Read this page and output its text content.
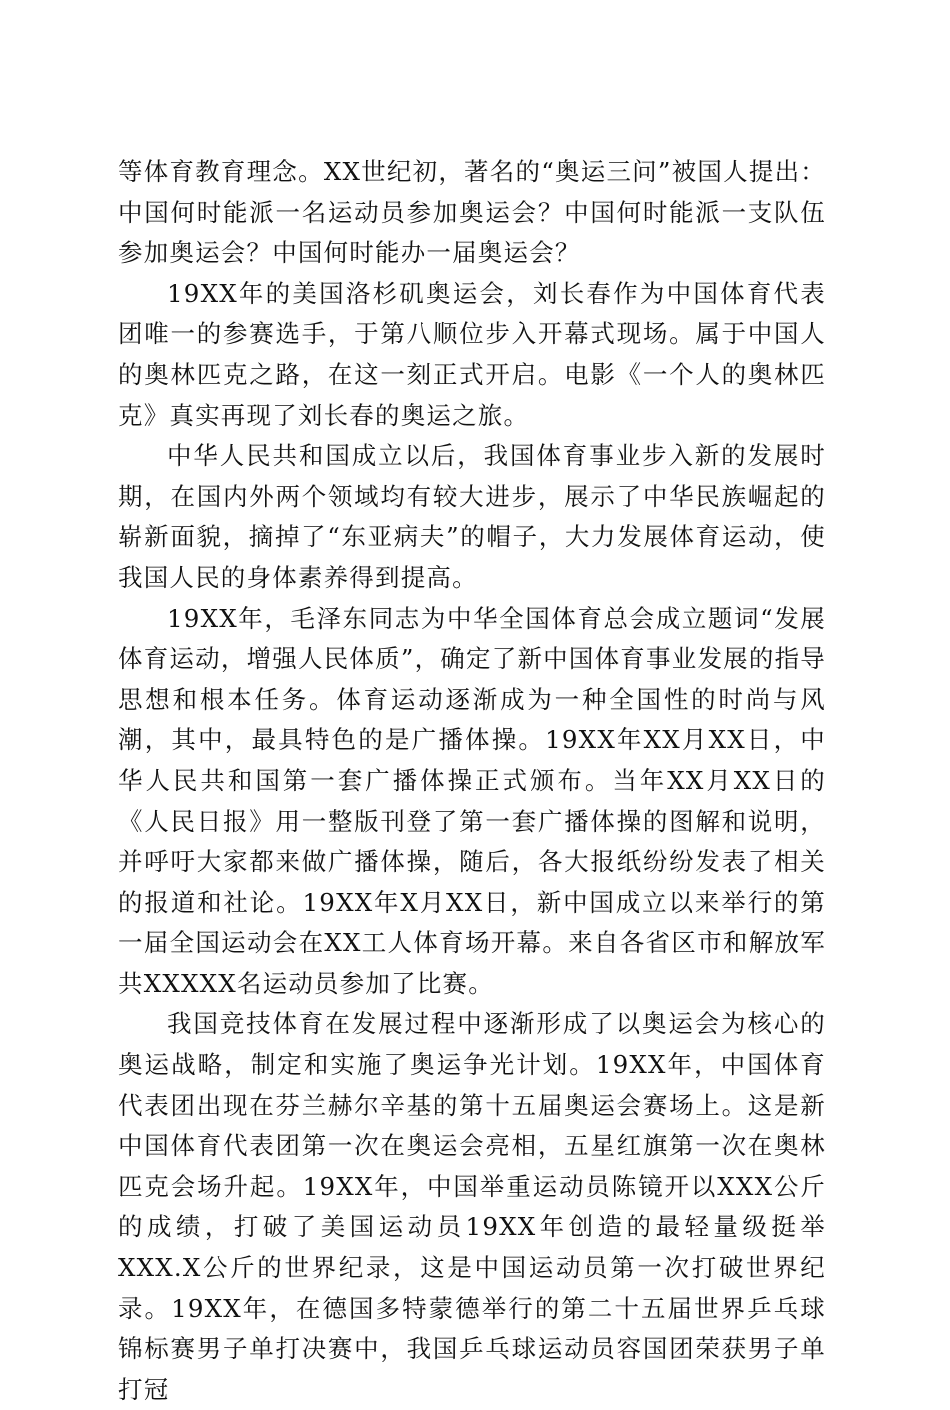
等体育教育理念。XX世纪初，著名的“奥运三问”被国人提出：中国何时能派一名运动员参加奥运会？中国何时能派一支队伍参加奥运会？中国何时能办一届奥运会？

19XX年的美国洛杉矶奥运会，刘长春作为中国体育代表团唯一的参赛选手，于第八顺位步入开幕式现场。属于中国人的奥林匹克之路，在这一刻正式开启。电影《一个人的奥林匹克》真实再现了刘长春的奥运之旅。

中华人民共和国成立以后，我国体育事业步入新的发展时期，在国内外两个领域均有较大进步，展示了中华民族崛起的崭新面貌，摘掉了“东亚病夫”的帽子，大力发展体育运动，使我国人民的身体素养得到提高。

19XX年，毛泽东同志为中华全国体育总会成立题词“发展体育运动，增强人民体质”，确定了新中国体育事业发展的指导思想和根本任务。体育运动逐渐成为一种全国性的时尚与风潮，其中，最具特色的是广播体操。19XX年XX月XX日，中华人民共和国第一套广播体操正式颁布。当年XX月XX日的《人民日报》用一整版刊登了第一套广播体操的图解和说明，并呼吁大家都来做广播体操，随后，各大报纸纷纷发表了相关的报道和社论。19XX年X月XX日，新中国成立以来举行的第一届全国运动会在XX工人体育场开幕。来自各省区市和解放军共XXXXX名运动员参加了比赛。

我国竞技体育在发展过程中逐渐形成了以奥运会为核心的奥运战略，制定和实施了奥运争光计划。19XX年，中国体育代表团出现在芬兰赫尔辛基的第十五届奥运会赛场上。这是新中国体育代表团第一次在奥运会亮相，五星红旗第一次在奥林匹克会场升起。19XX年，中国举重运动员陈镜开以XXX公斤的成绩，打破了美国运动员19XX年创造的最轻量级挺举XXX.X公斤的世界纪录，这是中国运动员第一次打破世界纪录。19XX年，在德国多特蒙德举行的第二十五届世界乒乓球锦标赛男子单打决赛中，我国乒乓球运动员容国团荣获男子单打冠
